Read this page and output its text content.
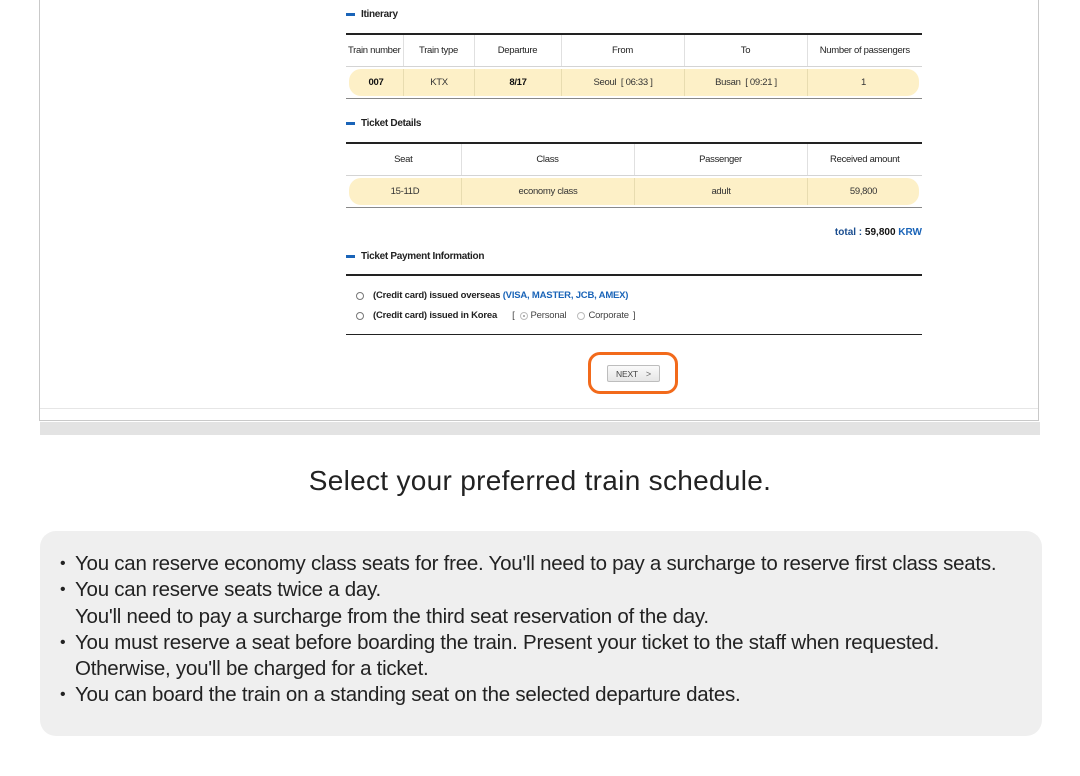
Itinerary
Train number	Train type	Departure	From	To	Number of passengers

007	KTX	8/17	Seoul  [ 06:33 ]	Busan  [ 09:21 ]	1
Ticket Details
Seat	Class	Passenger	Received amount

15-11D	economy class	adult	59,800
total : 59,800 KRW
Ticket Payment Information
(Credit card) issued overseas
(VISA, MASTER, JCB, AMEX)
(Credit card) issued in Korea [ Personal Corporate ]
NEXT >
Select your preferred train schedule.
• You can reserve economy class seats for free. You'll need to pay a surcharge to reserve first class seats.
• You can reserve seats twice a day.
You'll need to pay a surcharge from the third seat reservation of the day.
• You must reserve a seat before boarding the train. Present your ticket to the staff when requested.
Otherwise, you'll be charged for a ticket.
• You can board the train on a standing seat on the selected departure dates.
